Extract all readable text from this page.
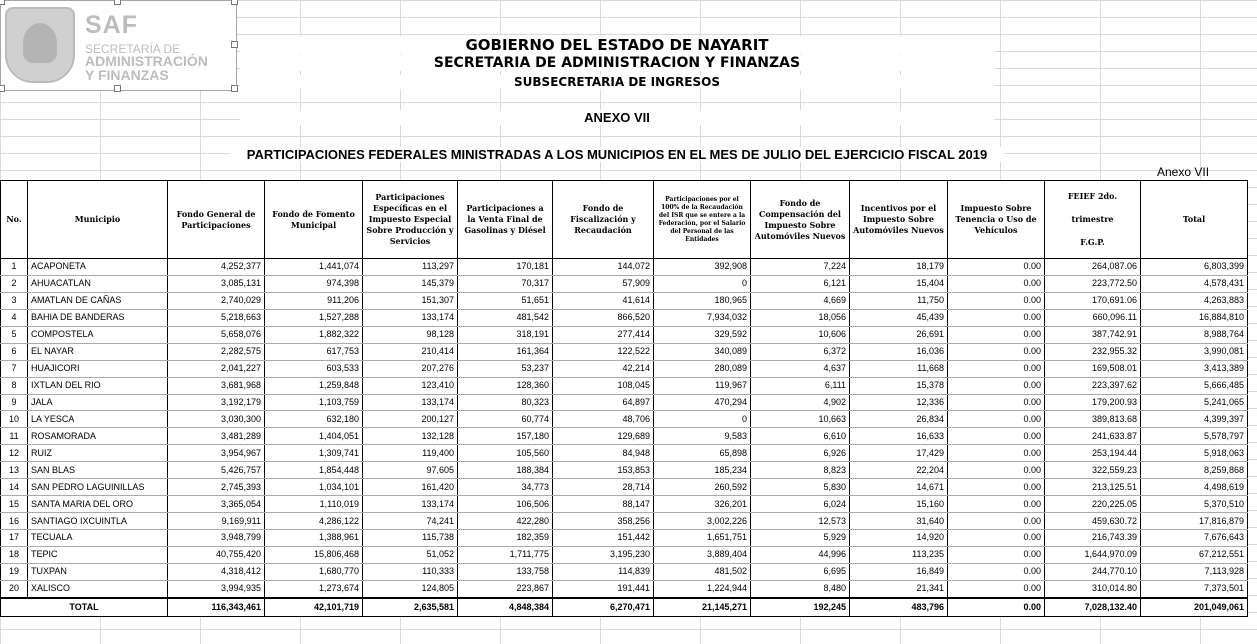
SAF
SECRETARÍA DE
ADMINISTRACIÓN
Y FINANZAS
GOBIERNO DEL ESTADO DE NAYARIT
SECRETARIA DE ADMINISTRACION Y FINANZAS
SUBSECRETARIA DE INGRESOS
ANEXO VII
PARTICIPACIONES FEDERALES MINISTRADAS A LOS MUNICIPIOS EN EL MES DE JULIO DEL EJERCICIO FISCAL 2019
Anexo VII
No.	Municipio	Fondo General de Participaciones	Fondo de Fomento Municipal	Participaciones Específicas en el Impuesto Especial Sobre Producción y Servicios	Participaciones a la Venta Final de Gasolinas y Diésel	Fondo de Fiscalización y Recaudación	Participaciones por el 100% de la Recaudación del ISR que se entere a la Federación, por el Salario del Personal de las Entidades	Fondo de Compensación del Impuesto Sobre Automóviles Nuevos	Incentivos por el Impuesto Sobre Automóviles Nuevos	Impuesto Sobre Tenencia o Uso de Vehículos	FEIEF 2do.
trimestre
F.G.P.	Total
1	ACAPONETA	4,252,377	1,441,074	113,297	170,181	144,072	392,908	7,224	18,179	0.00	264,087.06	6,803,399
2	AHUACATLAN	3,085,131	974,398	145,379	70,317	57,909	0	6,121	15,404	0.00	223,772.50	4,578,431
3	AMATLAN DE CAÑAS	2,740,029	911,206	151,307	51,651	41,614	180,965	4,669	11,750	0.00	170,691.06	4,263,883
4	BAHIA DE BANDERAS	5,218,663	1,527,288	133,174	481,542	866,520	7,934,032	18,056	45,439	0.00	660,096.11	16,884,810
5	COMPOSTELA	5,658,076	1,882,322	98,128	318,191	277,414	329,592	10,606	26,691	0.00	387,742.91	8,988,764
6	EL NAYAR	2,282,575	617,753	210,414	161,364	122,522	340,089	6,372	16,036	0.00	232,955.32	3,990,081
7	HUAJICORI	2,041,227	603,533	207,276	53,237	42,214	280,089	4,637	11,668	0.00	169,508.01	3,413,389
8	IXTLAN DEL RIO	3,681,968	1,259,848	123,410	128,360	108,045	119,967	6,111	15,378	0.00	223,397.62	5,666,485
9	JALA	3,192,179	1,103,759	133,174	80,323	64,897	470,294	4,902	12,336	0.00	179,200.93	5,241,065
10	LA YESCA	3,030,300	632,180	200,127	60,774	48,706	0	10,663	26,834	0.00	389,813.68	4,399,397
11	ROSAMORADA	3,481,289	1,404,051	132,128	157,180	129,689	9,583	6,610	16,633	0.00	241,633.87	5,578,797
12	RUIZ	3,954,967	1,309,741	119,400	105,560	84,948	65,898	6,926	17,429	0.00	253,194.44	5,918,063
13	SAN BLAS	5,426,757	1,854,448	97,605	188,384	153,853	185,234	8,823	22,204	0.00	322,559.23	8,259,868
14	SAN PEDRO LAGUINILLAS	2,745,393	1,034,101	161,420	34,773	28,714	260,592	5,830	14,671	0.00	213,125.51	4,498,619
15	SANTA MARIA DEL ORO	3,365,054	1,110,019	133,174	106,506	88,147	326,201	6,024	15,160	0.00	220,225.05	5,370,510
16	SANTIAGO IXCUINTLA	9,169,911	4,286,122	74,241	422,280	358,256	3,002,226	12,573	31,640	0.00	459,630.72	17,816,879
17	TECUALA	3,948,799	1,388,961	115,738	182,359	151,442	1,651,751	5,929	14,920	0.00	216,743.39	7,676,643
18	TEPIC	40,755,420	15,806,468	51,052	1,711,775	3,195,230	3,889,404	44,996	113,235	0.00	1,644,970.09	67,212,551
19	TUXPAN	4,318,412	1,680,770	110,333	133,758	114,839	481,502	6,695	16,849	0.00	244,770.10	7,113,928
20	XALISCO	3,994,935	1,273,674	124,805	223,867	191,441	1,224,944	8,480	21,341	0.00	310,014.80	7,373,501
TOTAL		116,343,461	42,101,719	2,635,581	4,848,384	6,270,471	21,145,271	192,245	483,796	0.00	7,028,132.40	201,049,061
